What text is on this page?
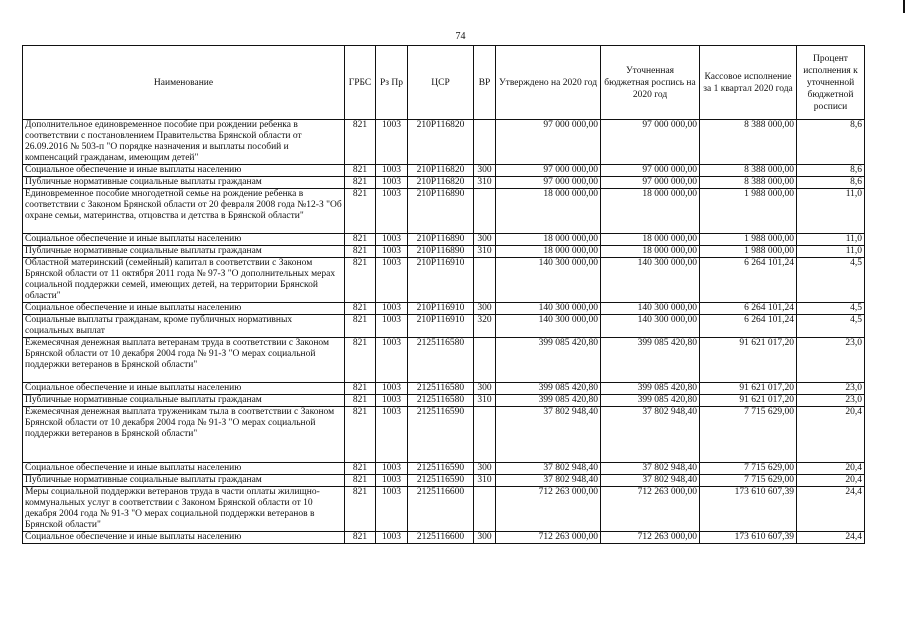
74
Наименование	ГРБС	Рз Пр	ЦСР	ВР	Утверждено на 2020 год	Уточненная бюджетная роспись на 2020 год	Кассовое исполнение за 1 квартал 2020 года	Процент исполнения к уточненной бюджетной росписи
Дополнительное единовременное пособие при рождении ребенка в соответствии с постановлением Правительства Брянской области от 26.09.2016 № 503-п "О порядке назначения и выплаты пособий и компенсаций гражданам, имеющим детей"	821	1003	210P116820		97 000 000,00	97 000 000,00	8 388 000,00	8,6
Социальное обеспечение и иные выплаты населению	821	1003	210P116820	300	97 000 000,00	97 000 000,00	8 388 000,00	8,6
Публичные нормативные социальные выплаты гражданам	821	1003	210P116820	310	97 000 000,00	97 000 000,00	8 388 000,00	8,6
Единовременное пособие многодетной семье на рождение ребенка в соответствии с Законом Брянской области от 20 февраля 2008 года №12-З "Об охране семьи, материнства, отцовства и детства в Брянской области"	821	1003	210P116890		18 000 000,00	18 000 000,00	1 988 000,00	11,0
Социальное обеспечение и иные выплаты населению	821	1003	210P116890	300	18 000 000,00	18 000 000,00	1 988 000,00	11,0
Публичные нормативные социальные выплаты гражданам	821	1003	210P116890	310	18 000 000,00	18 000 000,00	1 988 000,00	11,0
Областной материнский (семейный) капитал в соответствии с Законом Брянской области от 11 октября 2011 года № 97-З "О дополнительных мерах социальной поддержки семей, имеющих детей, на территории Брянской области"	821	1003	210P116910		140 300 000,00	140 300 000,00	6 264 101,24	4,5
Социальное обеспечение и иные выплаты населению	821	1003	210P116910	300	140 300 000,00	140 300 000,00	6 264 101,24	4,5
Социальные выплаты гражданам, кроме публичных нормативных социальных выплат	821	1003	210P116910	320	140 300 000,00	140 300 000,00	6 264 101,24	4,5
Ежемесячная денежная выплата ветеранам труда в соответствии с Законом Брянской области от 10 декабря 2004 года № 91-З "О мерах социальной поддержки ветеранов в Брянской области"	821	1003	2125116580		399 085 420,80	399 085 420,80	91 621 017,20	23,0
Социальное обеспечение и иные выплаты населению	821	1003	2125116580	300	399 085 420,80	399 085 420,80	91 621 017,20	23,0
Публичные нормативные социальные выплаты гражданам	821	1003	2125116580	310	399 085 420,80	399 085 420,80	91 621 017,20	23,0
Ежемесячная денежная выплата труженикам тыла в соответствии с Законом Брянской области от 10 декабря 2004 года № 91-З "О мерах социальной поддержки ветеранов в Брянской области"	821	1003	2125116590		37 802 948,40	37 802 948,40	7 715 629,00	20,4
Социальное обеспечение и иные выплаты населению	821	1003	2125116590	300	37 802 948,40	37 802 948,40	7 715 629,00	20,4
Публичные нормативные социальные выплаты гражданам	821	1003	2125116590	310	37 802 948,40	37 802 948,40	7 715 629,00	20,4
Меры социальной поддержки ветеранов труда в части оплаты жилищно-коммунальных услуг в соответствии с Законом Брянской области от 10 декабря 2004 года № 91-З "О мерах социальной поддержки ветеранов в Брянской области"	821	1003	2125116600		712 263 000,00	712 263 000,00	173 610 607,39	24,4
Социальное обеспечение и иные выплаты населению	821	1003	2125116600	300	712 263 000,00	712 263 000,00	173 610 607,39	24,4
